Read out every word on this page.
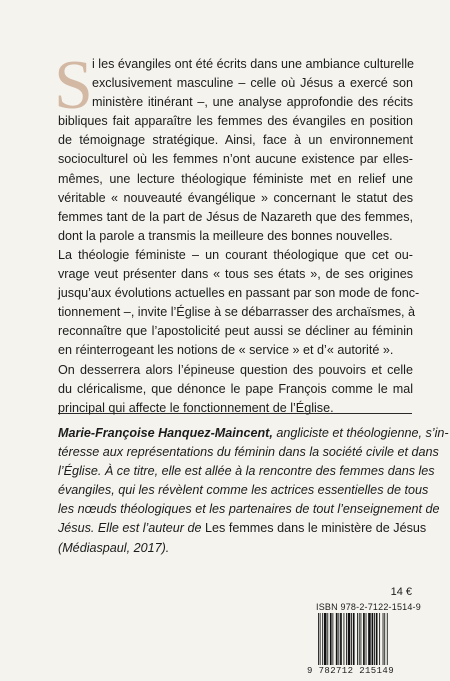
S i les évangiles ont été écrits dans une ambiance culturelle
exclusivement masculine – celle où Jésus a exercé son
ministère itinérant –, une analyse approfondie des récits
bibliques fait apparaître les femmes des évangiles en position
de témoignage stratégique. Ainsi, face à un environnement
socioculturel où les femmes n’ont aucune existence par elles-
mêmes, une lecture théologique féministe met en relief une
véritable « nouveauté évangélique » concernant le statut des
femmes tant de la part de Jésus de Nazareth que des femmes,
dont la parole a transmis la meilleure des bonnes nouvelles.
La théologie féministe – un courant théologique que cet ou-
vrage veut présenter dans « tous ses états », de ses origines
jusqu’aux évolutions actuelles en passant par son mode de fonc-
tionnement –, invite l’Église à se débarrasser des archaïsmes, à
reconnaître que l’apostolicité peut aussi se décliner au féminin
en réinterrogeant les notions de « service » et d’« autorité ».
On desserrera alors l’épineuse question des pouvoirs et celle
du cléricalisme, que dénonce le pape François comme le mal
principal qui affecte le fonctionnement de l’Église.
Marie-Françoise Hanquez-Maincent, angliciste et théologienne, s’in-
téresse aux représentations du féminin dans la société civile et dans
l’Église. À ce titre, elle est allée à la rencontre des femmes dans les
évangiles, qui les révèlent comme les actrices essentielles de tous
les nœuds théologiques et les partenaires de tout l’enseignement de
Jésus. Elle est l’auteur de Les femmes dans le ministère de Jésus
(Médiaspaul, 2017).
14 €
ISBN 978-2-7122-1514-9
9 782712 215149
